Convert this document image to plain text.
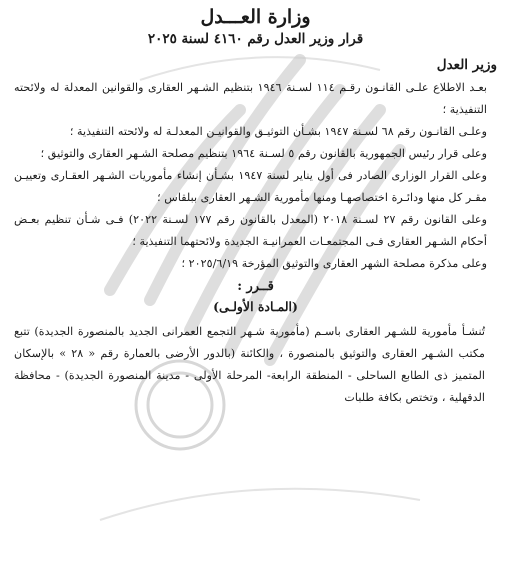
وزارة العـــدل
قرار وزير العدل رقم ٤١٦٠ لسنة ٢٠٢٥
وزير العدل

بعـد الاطلاع علـى القانـون رقـم ١١٤ لسـنة ١٩٤٦ بتنظيم الشـهر العقارى والقوانين المعدلة له ولائحته التنفيذية ؛

وعلـى القانـون رقم ٦٨ لسـنة ١٩٤٧ بشـأن التوثيـق والقوانيـن المعدلـة له ولائحته التنفيذية ؛

وعلى قرار رئيس الجمهورية بالقانون رقم ٥ لسـنة ١٩٦٤ بتنظيم مصلحة الشـهر العقارى والتوثيق ؛

وعلى القرار الوزارى الصادر فى أول يناير لسنة ١٩٤٧ بشـأن إنشاء مأموريات الشـهر العقـارى وتعييـن مقـر كل منها ودائـرة اختصاصهـا ومنها مأمورية الشـهر العقارى ببلقاس ؛

وعلى القانون رقم ٢٧ لسـنة ٢٠١٨ (المعدل بالقانون رقم ١٧٧ لسـنة ٢٠٢٢) فـى شـأن تنظيم بعـض أحكام الشـهر العقارى فـى المجتمعـات العمرانيـة الجديدة ولائحتهما التنفيذية ؛

وعلى مذكرة مصلحة الشهر العقارى والتوثيق المؤرخة ٢٠٢٥/٦/١٩ ؛

قــرر :
(المـادة الأولـى)

تُنشـأ مأمورية للشـهر العقارى باسـم (مأمورية شـهر التجمع العمرانى الجديد بالمنصورة الجديدة) تتبع مكتب الشـهر العقارى والتوثيق بالمنصورة ، والكائنة (بالدور الأرضى بالعمارة رقم « ٢٨ » بالإسكان المتميز ذى الطابع الساحلى - المنطقة الرابعة- المرحلة الأولى - مدينة المنصورة الجديدة) - محافظة الدقهلية ، وتختص بكافة طلبات
